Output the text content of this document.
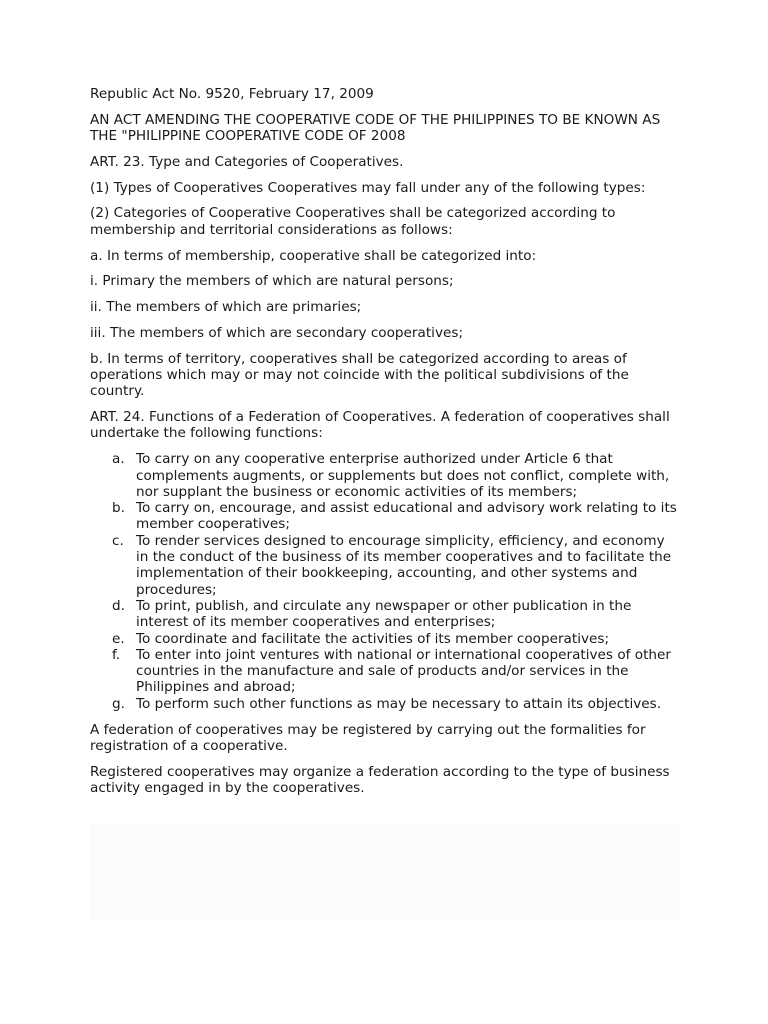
Republic Act No. 9520, February 17, 2009

AN ACT AMENDING THE COOPERATIVE CODE OF THE PHILIPPINES TO BE KNOWN AS THE "PHILIPPINE COOPERATIVE CODE OF 2008

ART. 23. Type and Categories of Cooperatives.

(1) Types of Cooperatives Cooperatives may fall under any of the following types:

(2) Categories of Cooperative Cooperatives shall be categorized according to membership and territorial considerations as follows:

a. In terms of membership, cooperative shall be categorized into:

i. Primary the members of which are natural persons;

ii. The members of which are primaries;

iii. The members of which are secondary cooperatives;

b. In terms of territory, cooperatives shall be categorized according to areas of operations which may or may not coincide with the political subdivisions of the country.

ART. 24. Functions of a Federation of Cooperatives. A federation of cooperatives shall undertake the following functions:

a. To carry on any cooperative enterprise authorized under Article 6 that complements augments, or supplements but does not conflict, complete with, nor supplant the business or economic activities of its members;
b. To carry on, encourage, and assist educational and advisory work relating to its member cooperatives;
c. To render services designed to encourage simplicity, efficiency, and economy in the conduct of the business of its member cooperatives and to facilitate the implementation of their bookkeeping, accounting, and other systems and procedures;
d. To print, publish, and circulate any newspaper or other publication in the interest of its member cooperatives and enterprises;
e. To coordinate and facilitate the activities of its member cooperatives;
f.	To enter into joint ventures with national or international cooperatives of other countries in the manufacture and sale of products and/or services in the Philippines and abroad;
g. To perform such other functions as may be necessary to attain its objectives.

A federation of cooperatives may be registered by carrying out the formalities for registration of a cooperative.

Registered cooperatives may organize a federation according to the type of business activity engaged in by the cooperatives.
